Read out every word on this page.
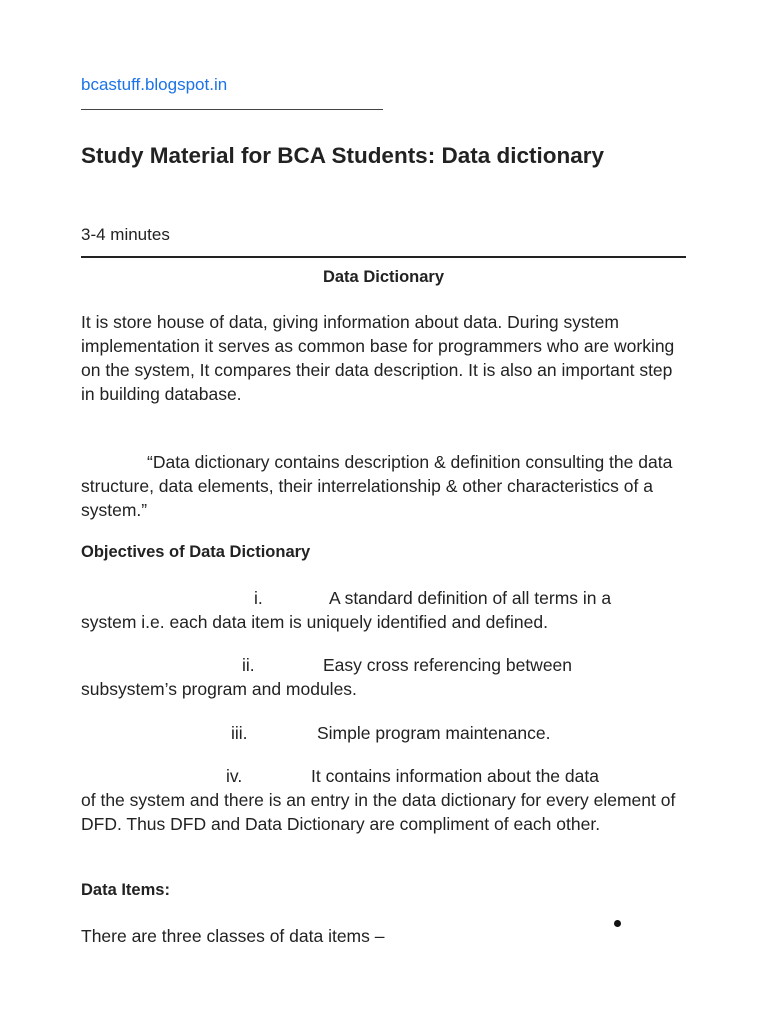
bcastuff.blogspot.in
Study Material for BCA Students: Data dictionary
3-4 minutes
Data Dictionary

It is store house of data, giving information about data. During system implementation it serves as common base for programmers who are working on the system, It compares their data description. It is also an important step in building database.

“Data dictionary contains description & definition consulting the data structure, data elements, their interrelationship & other characteristics of a system.”

Objectives of Data Dictionary
i.	A standard definition of all terms in a
system i.e. each data item is uniquely identified and defined.
ii.	Easy cross referencing between
subsystem’s program and modules.
iii.	Simple program maintenance.
iv.	It contains information about the data
of the system and there is an entry in the data dictionary for every element of DFD. Thus DFD and Data Dictionary are compliment of each other.
Data Items:

There are three classes of data items –
